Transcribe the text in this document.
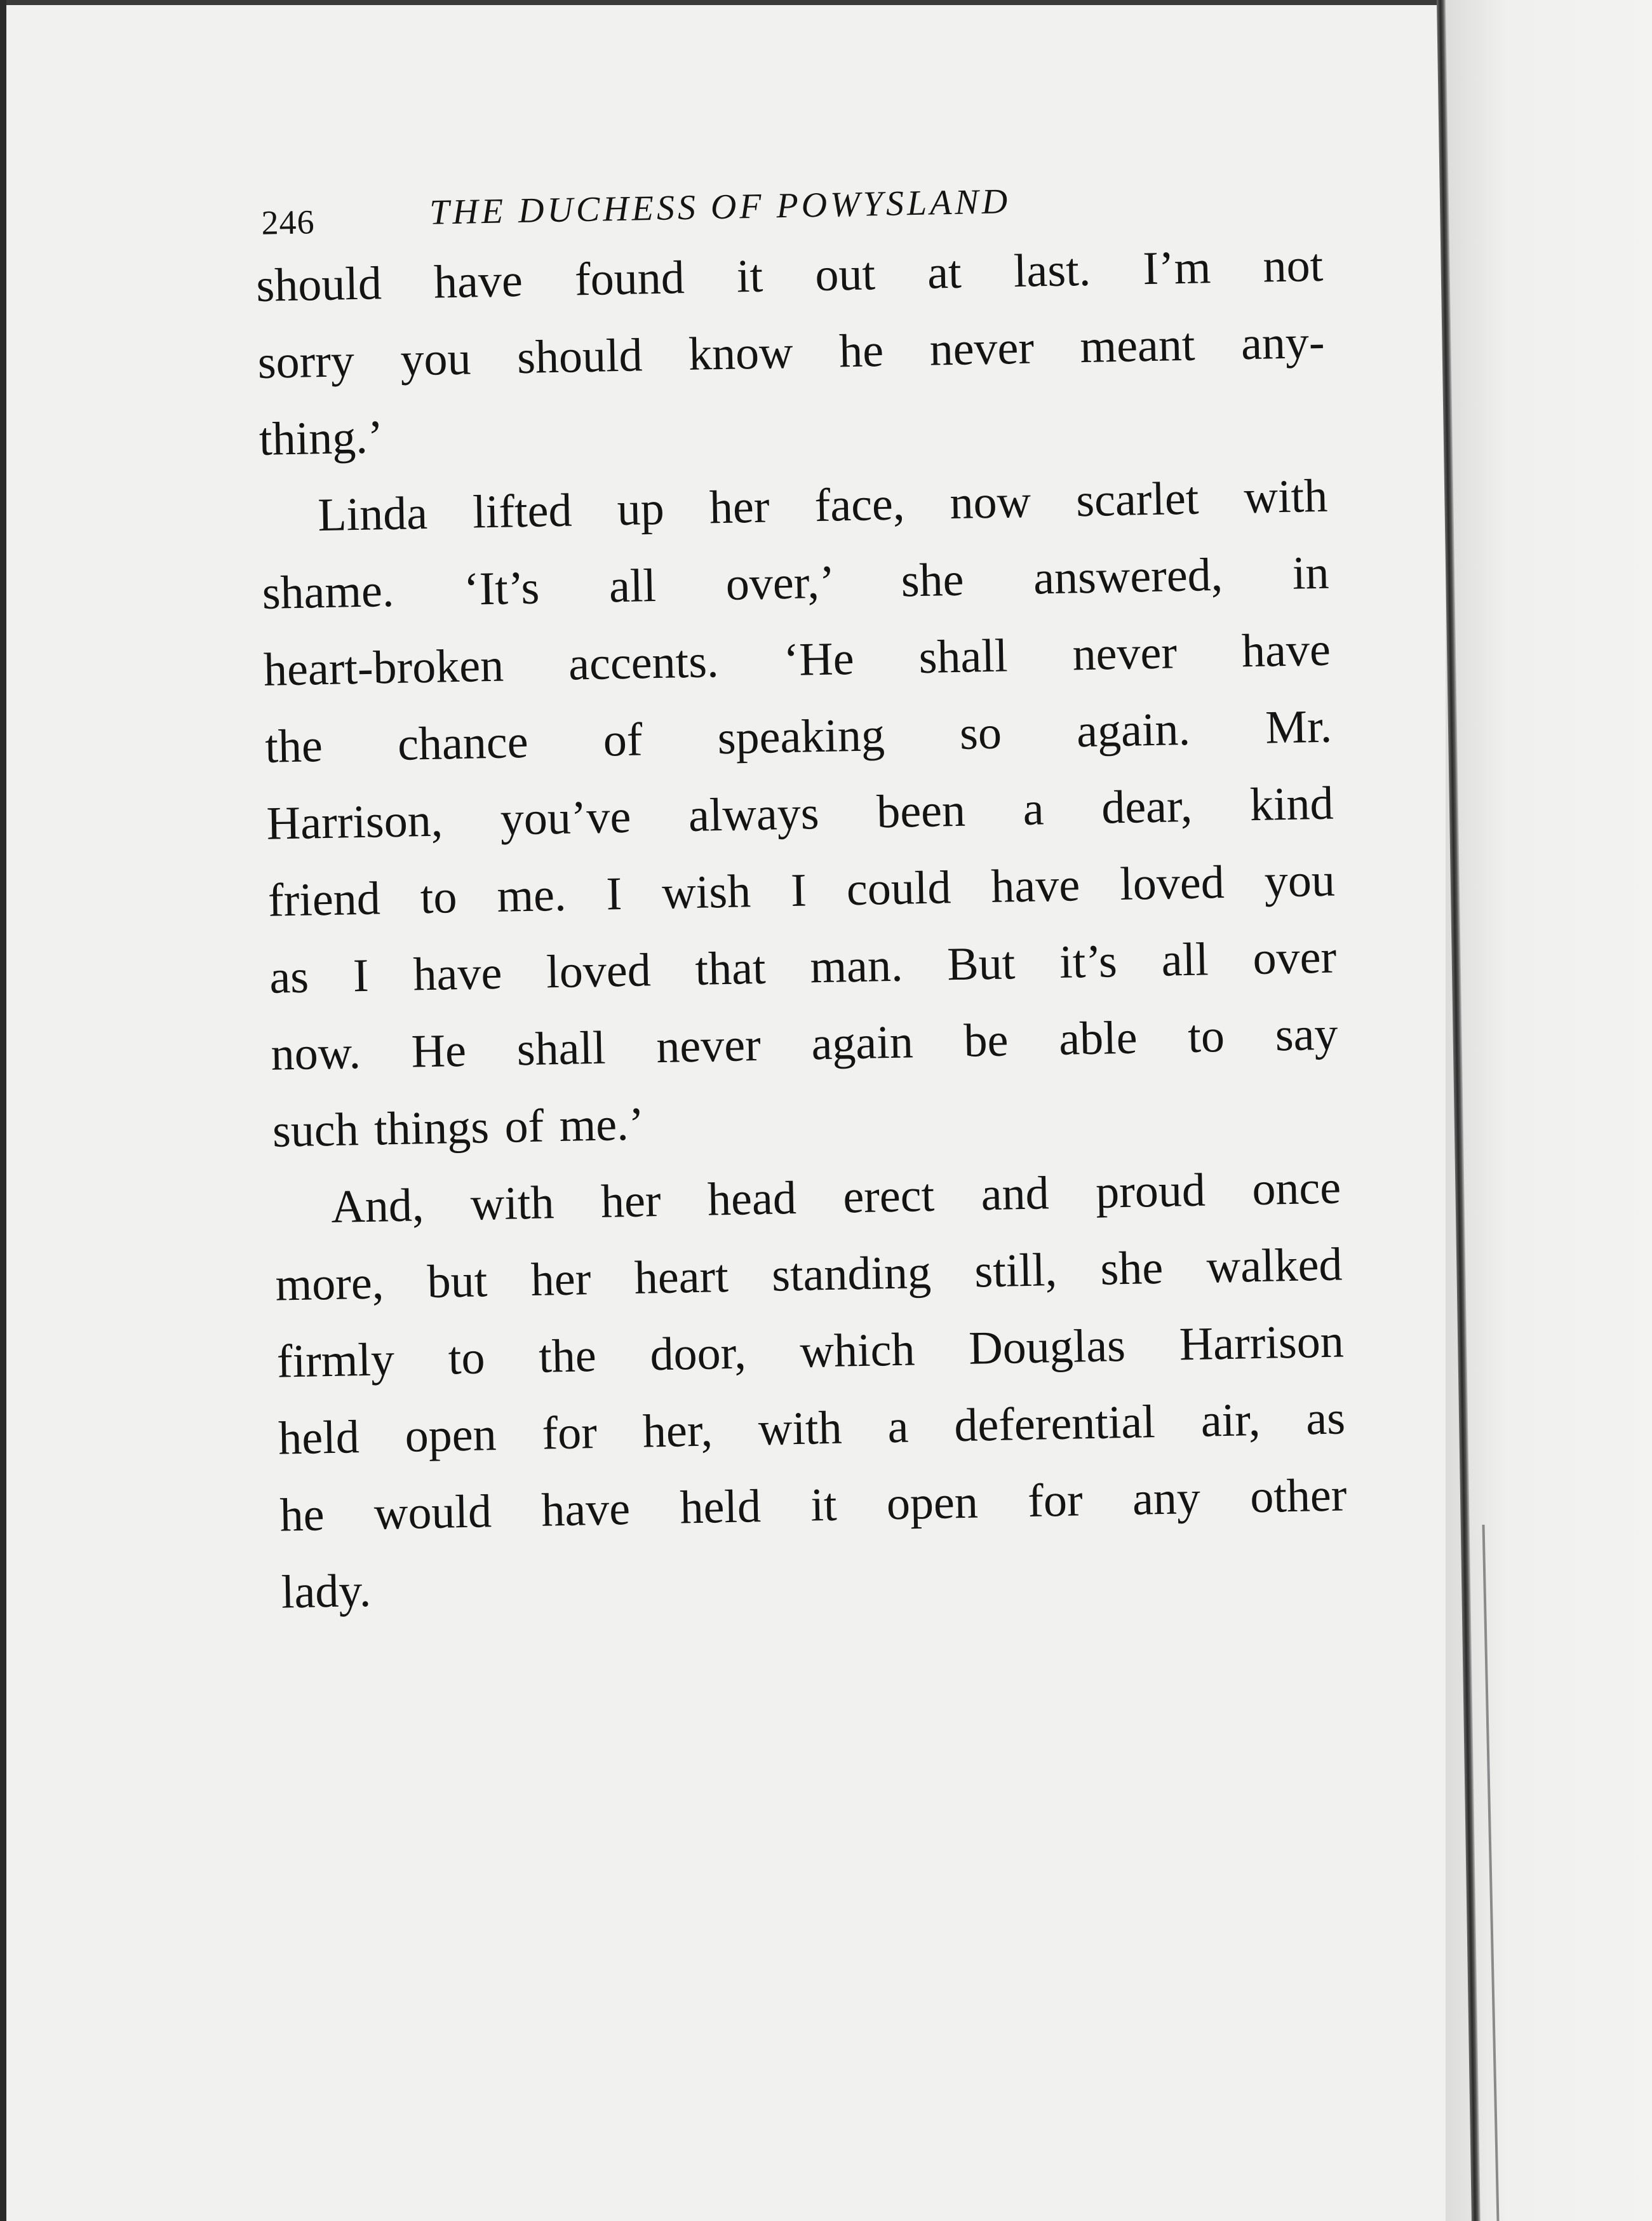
246	THE DUCHESS OF POWYSLAND

should have found it out at last. I’m not
sorry you should know he never meant any-
thing.’

Linda lifted up her face, now scarlet with
shame. ‘It’s all over,’ she answered, in
heart-broken accents. ‘He shall never have
the chance of speaking so again. Mr.
Harrison, you’ve always been a dear, kind
friend to me. I wish I could have loved you
as I have loved that man. But it’s all over
now. He shall never again be able to say
such things of me.’

And, with her head erect and proud once
more, but her heart standing still, she walked
firmly to the door, which Douglas Harrison
held open for her, with a deferential air, as
he would have held it open for any other
lady.
